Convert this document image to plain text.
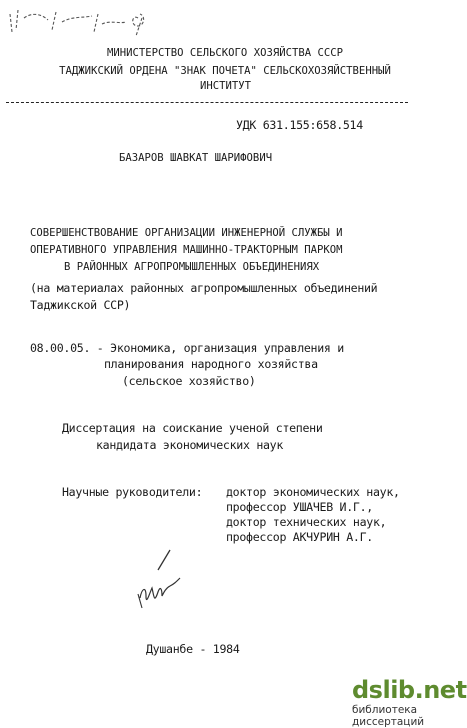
МИНИСТЕРСТВО СЕЛЬСКОГО ХОЗЯЙСТВА СССР
ТАДЖИКСКИЙ ОРДЕНА "ЗНАК ПОЧЕТА" СЕЛЬСКОХОЗЯЙСТВЕННЫЙ
ИНСТИТУТ
УДК 631.155:658.514
БАЗАРОВ ШАВКАТ ШАРИФОВИЧ
СОВЕРШЕНСТВОВАНИЕ ОРГАНИЗАЦИИ ИНЖЕНЕРНОЙ СЛУЖБЫ И
ОПЕРАТИВНОГО УПРАВЛЕНИЯ МАШИННО-ТРАКТОРНЫМ ПАРКОМ
В РАЙОННЫХ АГРОПРОМЫШЛЕННЫХ ОБЪЕДИНЕНИЯХ
(на материалах районных агропромышленных объединений
Таджикской ССР)
08.00.05. - Экономика, организация управления и
планирования народного хозяйства
(сельское хозяйство)
Диссертация на соискание ученой степени
кандидата экономических наук
Научные руководители: доктор экономических наук,
профессор УШАЧЕВ И.Г.,
доктор технических наук,
профессор АКЧУРИН А.Г.
Душанбе - 1984
dslib.net
библиотека диссертаций
